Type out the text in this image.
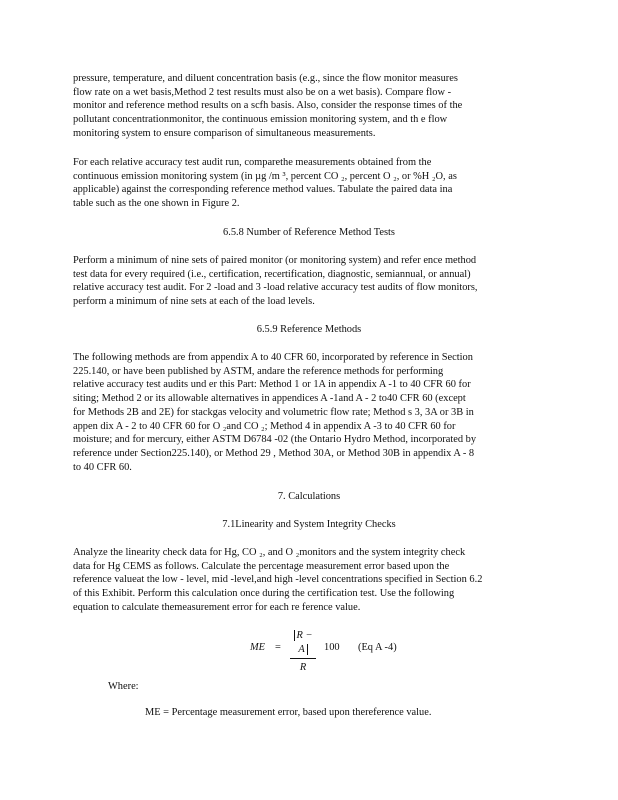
pressure, temperature, and diluent concentration basis (e.g., since the flow monitor measures
flow rate on a wet basis,Method 2 test results must also be on a wet basis). Compare flow -
monitor and reference method results on a scfh basis. Also, consider the response times of the
pollutant concentrationmonitor, the continuous emission monitoring system, and th e flow
monitoring system to ensure comparison of simultaneous measurements.

For each relative accuracy test audit run, comparethe measurements obtained from the
continuous emission monitoring system (in µg /m ³, percent CO ₂, percent O ₂, or %H ₂O, as
applicable) against the corresponding reference method values. Tabulate the paired data ina
table such as the one shown in Figure 2.

6.5.8 Number of Reference Method Tests

Perform a minimum of nine sets of paired monitor (or monitoring system) and refer ence method
test data for every required (i.e., certification, recertification, diagnostic, semiannual, or annual)
relative accuracy test audit. For 2 -load and 3 -load relative accuracy test audits of flow monitors,
perform a minimum of nine sets at each of the load levels.

6.5.9 Reference Methods

The following methods are from appendix A to 40 CFR 60, incorporated by reference in Section
225.140, or have been published by ASTM, andare the reference methods for performing
relative accuracy test audits und er this Part: Method 1 or 1A in appendix A -1 to 40 CFR 60 for
siting; Method 2 or its allowable alternatives in appendices A -1and A - 2 to40 CFR 60 (except
for Methods 2B and 2E) for stackgas velocity and volumetric flow rate; Method s 3, 3A or 3B in
appen dix A - 2 to 40 CFR 60 for O ₂and CO ₂; Method 4 in appendix A -3 to 40 CFR 60 for
moisture; and for mercury, either ASTM D6784 -02 (the Ontario Hydro Method, incorporated by
reference under Section225.140), or Method 29 , Method 30A, or Method 30B in appendix A - 8
to 40 CFR 60.

7. Calculations

7.1Linearity and System Integrity Checks

Analyze the linearity check data for Hg, CO ₂, and O ₂monitors and the system integrity check
data for Hg CEMS as follows. Calculate the percentage measurement error based upon the
reference valueat the low - level, mid -level,and high -level concentrations specified in Section 6.2
of this Exhibit. Perform this calculation once during the certification test. Use the following
equation to calculate themeasurement error for each re ference value.

ME =
R − A
R
100 (Eq A -4)

Where:

ME = Percentage measurement error, based upon thereference value.
